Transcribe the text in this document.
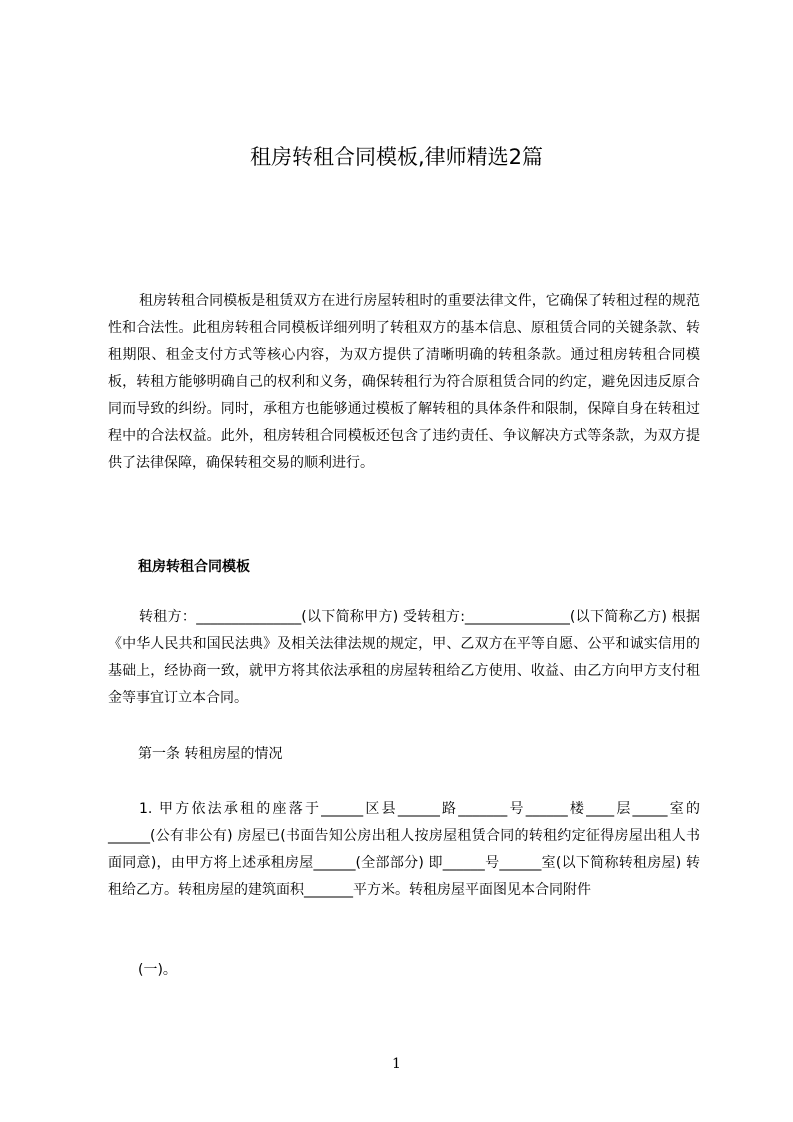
租房转租合同模板,律师精选2篇

租房转租合同模板是租赁双方在进行房屋转租时的重要法律文件，它确保了转租过程的规范性和合法性。此租房转租合同模板详细列明了转租双方的基本信息、原租赁合同的关键条款、转租期限、租金支付方式等核心内容，为双方提供了清晰明确的转租条款。通过租房转租合同模板，转租方能够明确自己的权利和义务，确保转租行为符合原租赁合同的约定，避免因违反原合同而导致的纠纷。同时，承租方也能够通过模板了解转租的具体条件和限制，保障自身在转租过程中的合法权益。此外，租房转租合同模板还包含了违约责任、争议解决方式等条款，为双方提供了法律保障，确保转租交易的顺利进行。

租房转租合同模板

转租方：_______________(以下简称甲方) 受转租方:_______________(以下简称乙方) 根据《中华人民共和国民法典》及相关法律法规的规定，甲、乙双方在平等自愿、公平和诚实信用的基础上，经协商一致，就甲方将其依法承租的房屋转租给乙方使用、收益、由乙方向甲方支付租金等事宜订立本合同。

第一条 转租房屋的情况

1. 甲方依法承租的座落于______区县______路_______号______楼____层_____室的______(公有非公有) 房屋已(书面告知公房出租人按房屋租赁合同的转租约定征得房屋出租人书面同意)，由甲方将上述承租房屋______(全部部分) 即______号______室(以下简称转租房屋) 转租给乙方。转租房屋的建筑面积_______平方米。转租房屋平面图见本合同附件

(一)。
1
